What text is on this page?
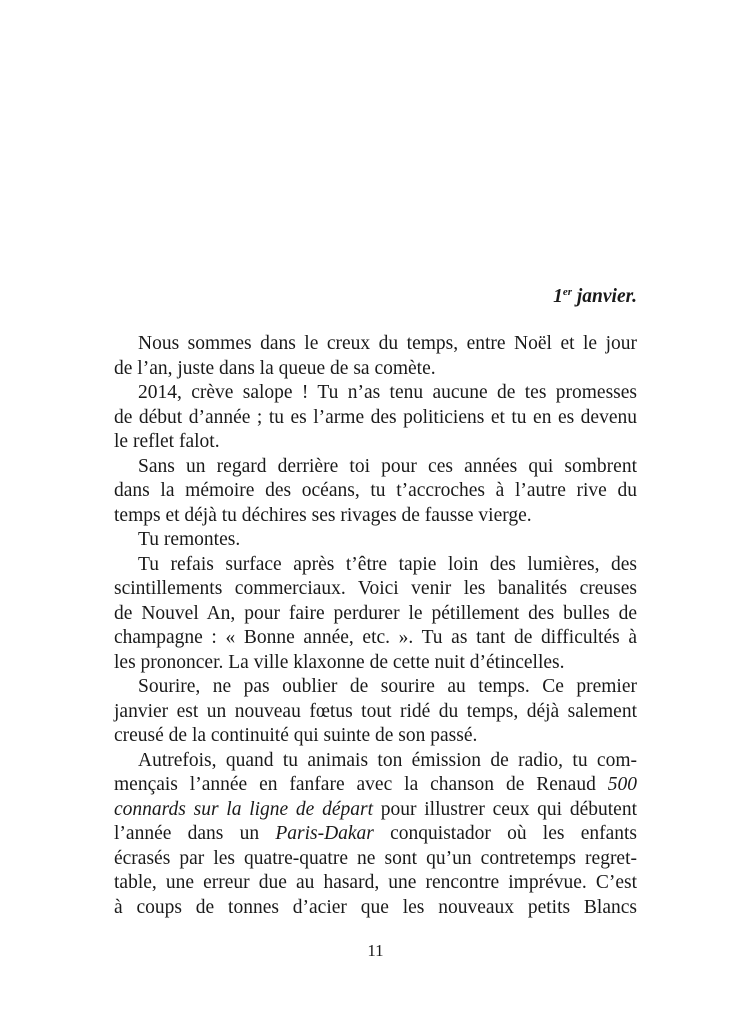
1er janvier.

Nous sommes dans le creux du temps, entre Noël et le jour
de l’an, juste dans la queue de sa comète.
2014, crève salope ! Tu n’as tenu aucune de tes promesses
de début d’année ; tu es l’arme des politiciens et tu en es devenu
le reflet falot.
Sans un regard derrière toi pour ces années qui sombrent
dans la mémoire des océans, tu t’accroches à l’autre rive du
temps et déjà tu déchires ses rivages de fausse vierge.
Tu remontes.
Tu refais surface après t’être tapie loin des lumières, des
scintillements commerciaux. Voici venir les banalités creuses
de Nouvel An, pour faire perdurer le pétillement des bulles de
champagne : « Bonne année, etc. ». Tu as tant de difficultés à
les prononcer. La ville klaxonne de cette nuit d’étincelles.
Sourire, ne pas oublier de sourire au temps. Ce premier
janvier est un nouveau fœtus tout ridé du temps, déjà salement
creusé de la continuité qui suinte de son passé.
Autrefois, quand tu animais ton émission de radio, tu com-
mençais l’année en fanfare avec la chanson de Renaud 500
connards sur la ligne de départ pour illustrer ceux qui débutent
l’année dans un Paris-Dakar conquistador où les enfants
écrasés par les quatre-quatre ne sont qu’un contretemps regret-
table, une erreur due au hasard, une rencontre imprévue. C’est
à coups de tonnes d’acier que les nouveaux petits Blancs
11
